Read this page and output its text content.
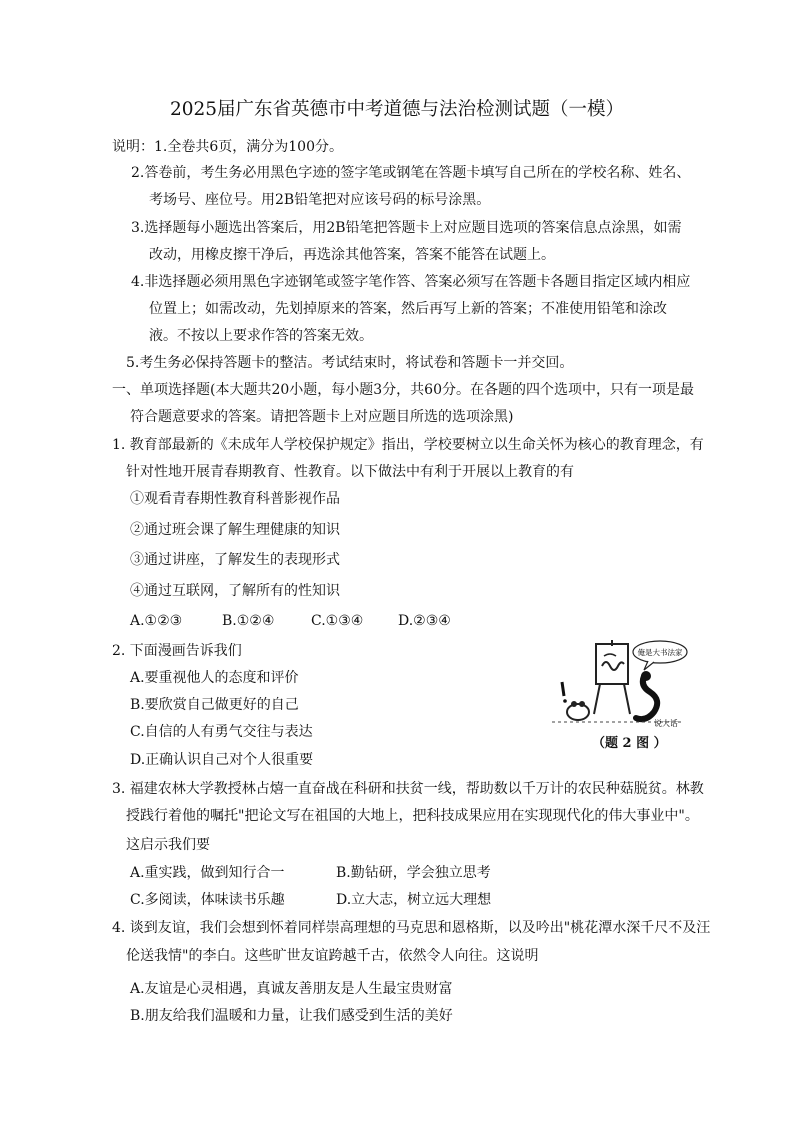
2025届广东省英德市中考道德与法治检测试题（一模）
说明：1.全卷共6页，满分为100分。
2.答卷前，考生务必用黑色字迹的签字笔或钢笔在答题卡填写自己所在的学校名称、姓名、
考场号、座位号。用2B铅笔把对应该号码的标号涂黑。
3.选择题每小题选出答案后，用2B铅笔把答题卡上对应题目选项的答案信息点涂黑，如需
改动，用橡皮擦干净后，再选涂其他答案，答案不能答在试题上。
4.非选择题必须用黑色字迹钢笔或签字笔作答、答案必须写在答题卡各题目指定区域内相应
位置上；如需改动，先划掉原来的答案，然后再写上新的答案；不准使用铅笔和涂改
液。不按以上要求作答的答案无效。
5.考生务必保持答题卡的整洁。考试结束时，将试卷和答题卡一并交回。
一、单项选择题(本大题共20小题，每小题3分，共60分。在各题的四个选项中，只有一项是最
符合题意要求的答案。请把答题卡上对应题目所选的选项涂黑)
1. 教育部最新的《未成年人学校保护规定》指出，学校要树立以生命关怀为核心的教育理念，有
针对性地开展青春期教育、性教育。以下做法中有利于开展以上教育的有
①观看青春期性教育科普影视作品
②通过班会课了解生理健康的知识
③通过讲座，了解发生的表现形式
④通过互联网，了解所有的性知识
A.①②③	B.①②④	C.①③④ D.②③④
2. 下面漫画告诉我们
A.要重视他人的态度和评价
B.要欣赏自己做更好的自己
C.自信的人有勇气交往与表达
D.正确认识自己对个人很重要
俺是大书法家
说大话
（题 2 图 ）
3. 福建农林大学教授林占熺一直奋战在科研和扶贫一线，帮助数以千万计的农民种菇脱贫。林教
授践行着他的嘱托"把论文写在祖国的大地上，把科技成果应用在实现现代化的伟大事业中"。
这启示我们要
A.重实践，做到知行合一	B.勤钻研，学会独立思考
C.多阅读，体味读书乐趣	D.立大志，树立远大理想
4. 谈到友谊，我们会想到怀着同样崇高理想的马克思和恩格斯，以及吟出"桃花潭水深千尺不及汪
伦送我情"的李白。这些旷世友谊跨越千古，依然令人向往。这说明
A.友谊是心灵相遇，真诚友善朋友是人生最宝贵财富
B.朋友给我们温暖和力量，让我们感受到生活的美好
